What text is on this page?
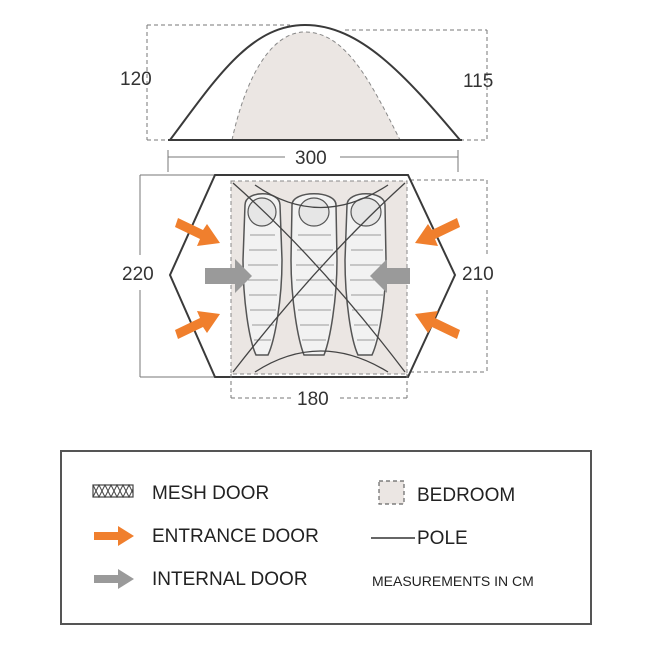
120	115
300
220	210
180
MESH DOOR
ENTRANCE DOOR
INTERNAL DOOR
BEDROOM
POLE
MEASUREMENTS IN CM
